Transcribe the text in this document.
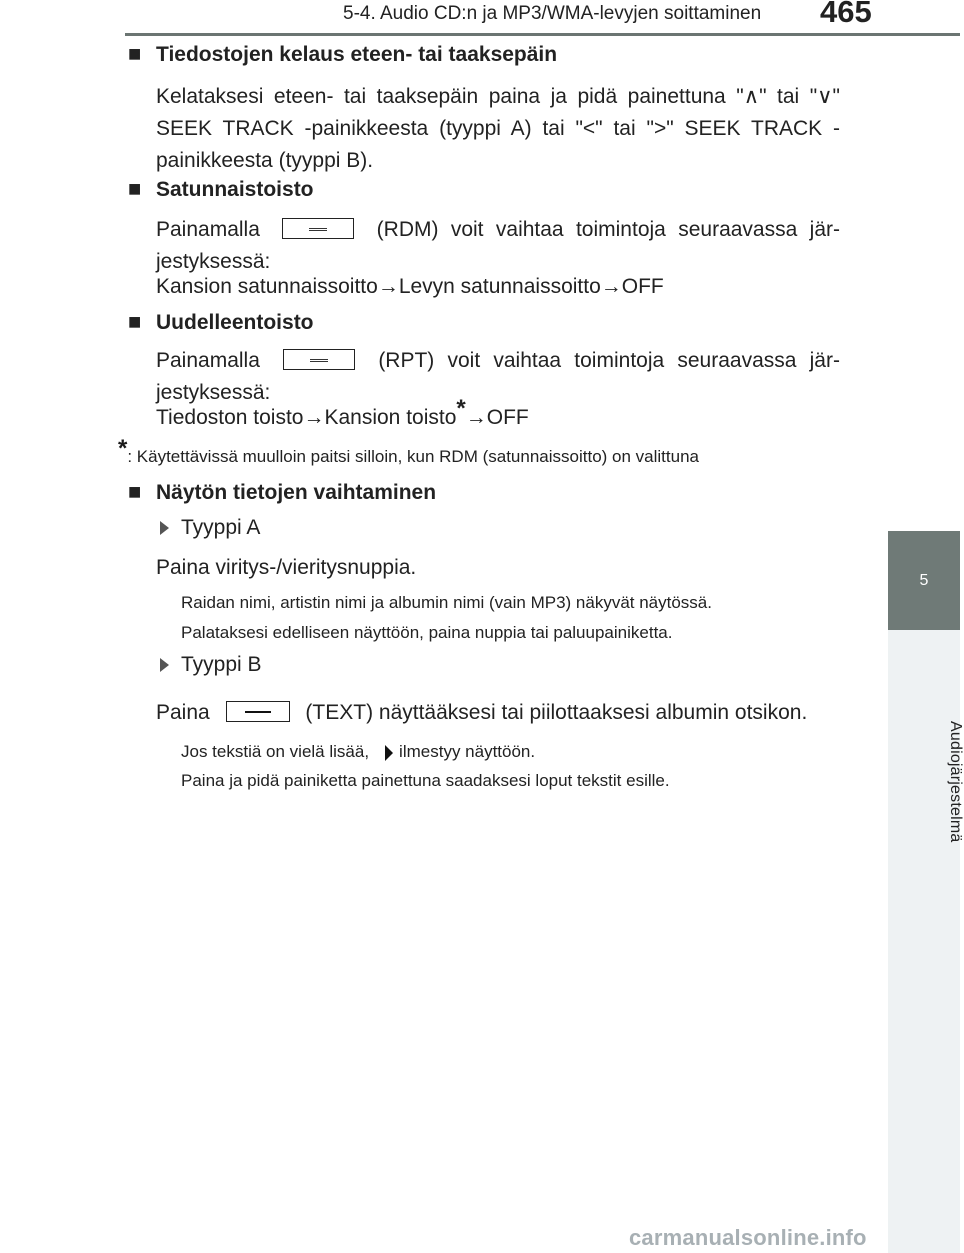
5-4. Audio CD:n ja MP3/WMA-levyjen soittaminen 465
5
Audiojärjestelmä
■ Tiedostojen kelaus eteen- tai taaksepäin
Kelataksesi eteen- tai taaksepäin paina ja pidä painettuna "∧" tai "∨" SEEK TRACK -painikkeesta (tyyppi A) tai "<" tai ">" SEEK TRACK -painikkeesta (tyyppi B).
■ Satunnaistoisto
Painamalla	(RDM) voit vaihtaa toimintoja seuraavassa jär-jestyksessä:
Kansion satunnaissoitto→Levyn satunnaissoitto→OFF
■ Uudelleentoisto
Painamalla	(RPT) voit vaihtaa toimintoja seuraavassa jär-jestyksessä:
Tiedoston toisto→Kansion toisto*→OFF
*: Käytettävissä muulloin paitsi silloin, kun RDM (satunnaissoitto) on valittuna
■ Näytön tietojen vaihtaminen
Tyyppi A
Paina viritys-/vieritysnuppia.
Raidan nimi, artistin nimi ja albumin nimi (vain MP3) näkyvät näytössä.
Palataksesi edelliseen näyttöön, paina nuppia tai paluupainiketta.
Tyyppi B
Paina	(TEXT) näyttääksesi tai piilottaaksesi albumin otsikon.
Jos tekstiä on vielä lisää, ilmestyy näyttöön.
Paina ja pidä painiketta painettuna saadaksesi loput tekstit esille.
carmanualsonline.info
